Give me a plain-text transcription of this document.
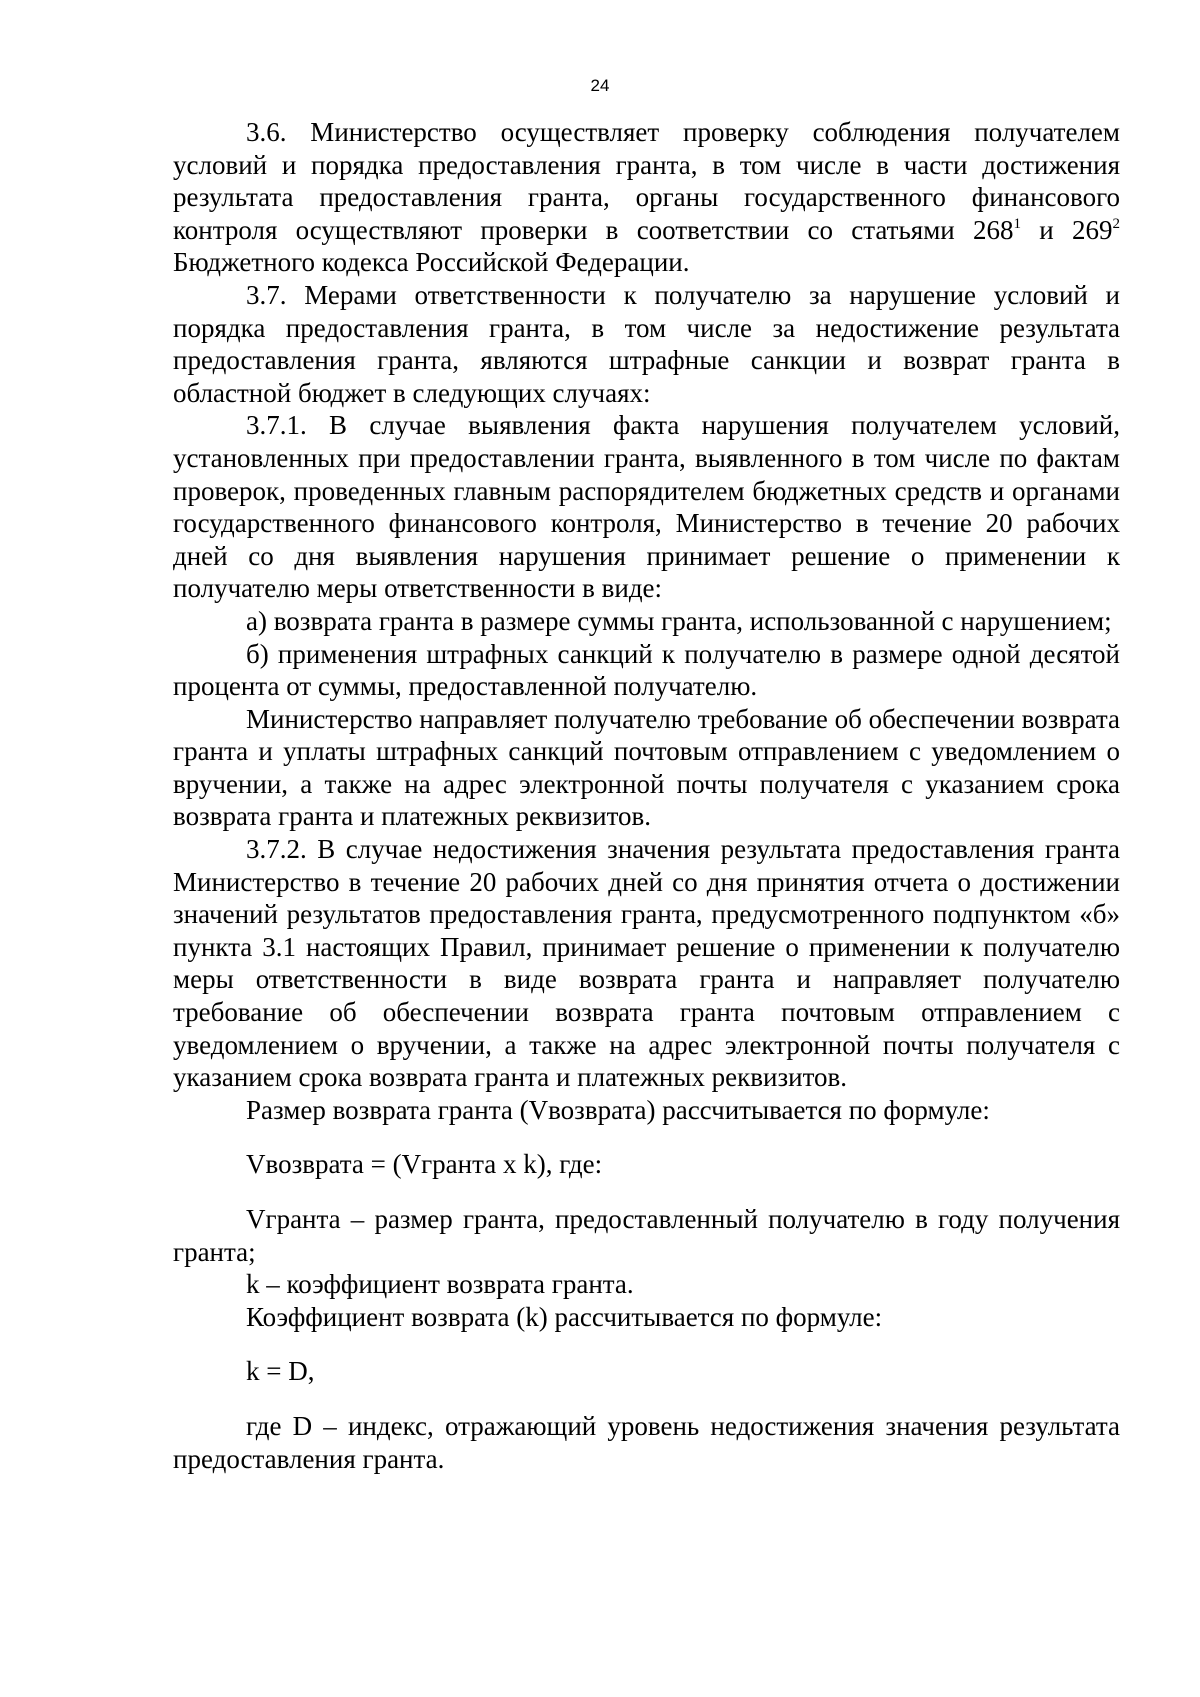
24

3.6. Министерство осуществляет проверку соблюдения получателем условий и порядка предоставления гранта, в том числе в части достижения результата предоставления гранта, органы государственного финансового контроля осуществляют проверки в соответствии со статьями $268^1$ и $269^2$ Бюджетного кодекса Российской Федерации.

3.7. Мерами ответственности к получателю за нарушение условий и порядка предоставления гранта, в том числе за недостижение результата предоставления гранта, являются штрафные санкции и возврат гранта в областной бюджет в следующих случаях:

3.7.1. В случае выявления факта нарушения получателем условий, установленных при предоставлении гранта, выявленного в том числе по фактам проверок, проведенных главным распорядителем бюджетных средств и органами государственного финансового контроля, Министерство в течение 20 рабочих дней со дня выявления нарушения принимает решение о применении к получателю меры ответственности в виде:

а) возврата гранта в размере суммы гранта, использованной с нарушением;

б) применения штрафных санкций к получателю в размере одной десятой процента от суммы, предоставленной получателю.

Министерство направляет получателю требование об обеспечении возврата гранта и уплаты штрафных санкций почтовым отправлением с уведомлением о вручении, а также на адрес электронной почты получателя с указанием срока возврата гранта и платежных реквизитов.

3.7.2. В случае недостижения значения результата предоставления гранта Министерство в течение 20 рабочих дней со дня принятия отчета о достижении значений результатов предоставления гранта, предусмотренного подпунктом «б» пункта 3.1 настоящих Правил, принимает решение о применении к получателю меры ответственности в виде возврата гранта и направляет получателю требование об обеспечении возврата гранта почтовым отправлением с уведомлением о вручении, а также на адрес электронной почты получателя с указанием срока возврата гранта и платежных реквизитов.

Размер возврата гранта (Vвозврата) рассчитывается по формуле:

Vвозврата = (Vгранта x k), где:

Vгранта – размер гранта, предоставленный получателю в году получения гранта;

k – коэффициент возврата гранта.

Коэффициент возврата (k) рассчитывается по формуле:

k = D,

где D – индекс, отражающий уровень недостижения значения результата предоставления гранта.
